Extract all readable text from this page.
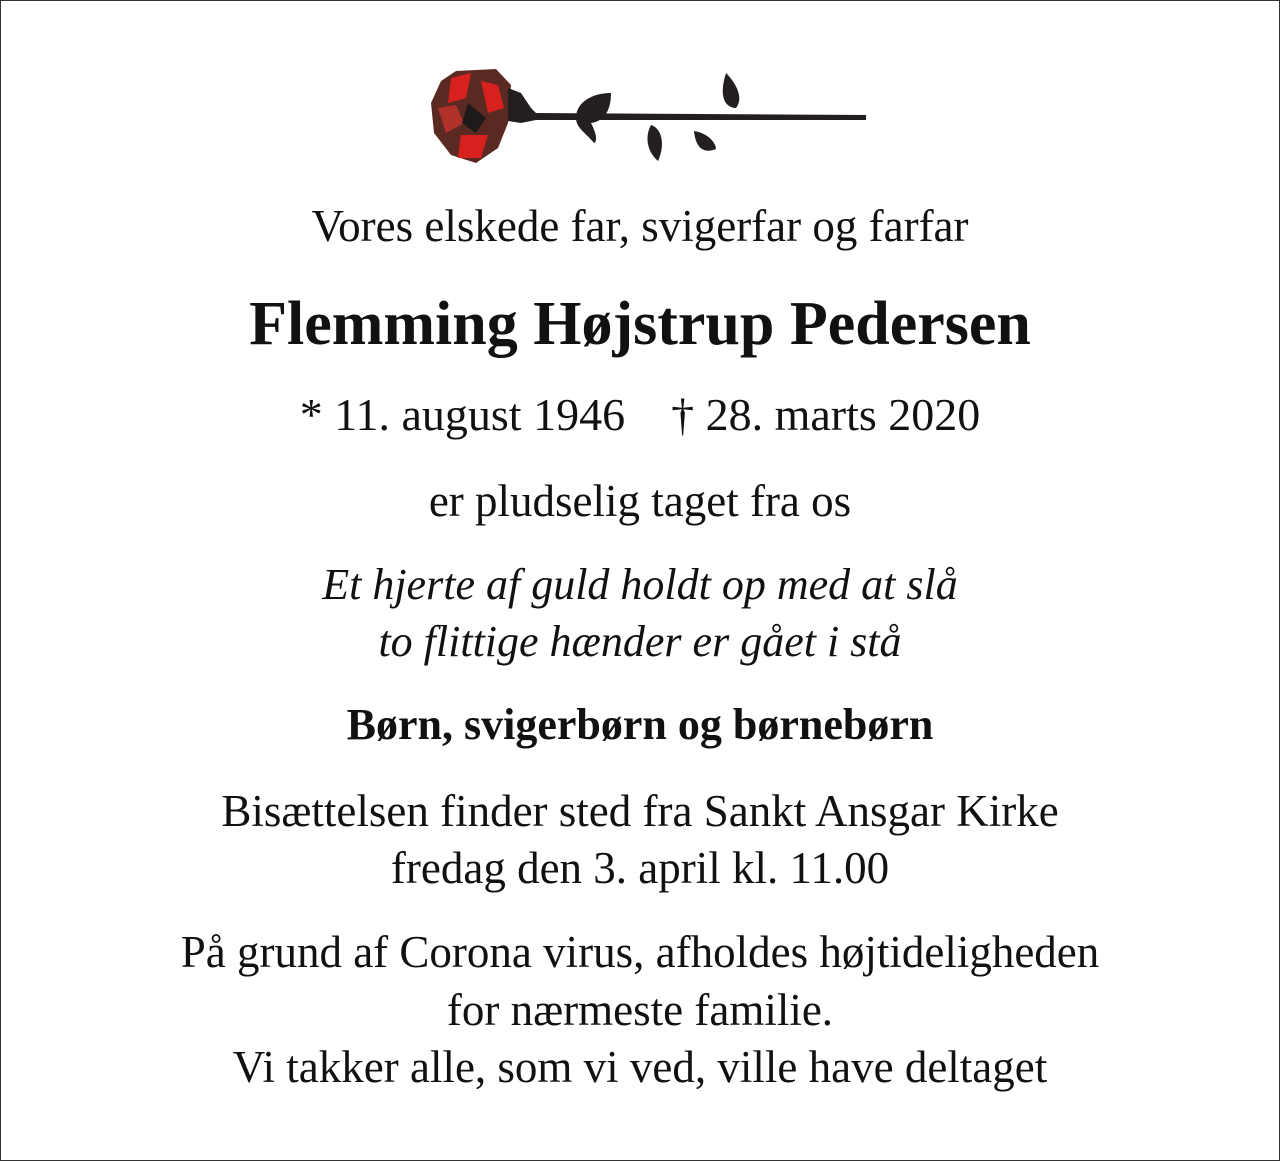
Vores elskede far, svigerfar og farfar
Flemming Højstrup Pedersen
* 11. august 1946 † 28. marts 2020
er pludselig taget fra os
Et hjerte af guld holdt op med at slå
to flittige hænder er gået i stå
Børn, svigerbørn og børnebørn
Bisættelsen finder sted fra Sankt Ansgar Kirke
fredag den 3. april kl. 11.00
På grund af Corona virus, afholdes højtideligheden
for nærmeste familie.
Vi takker alle, som vi ved, ville have deltaget
